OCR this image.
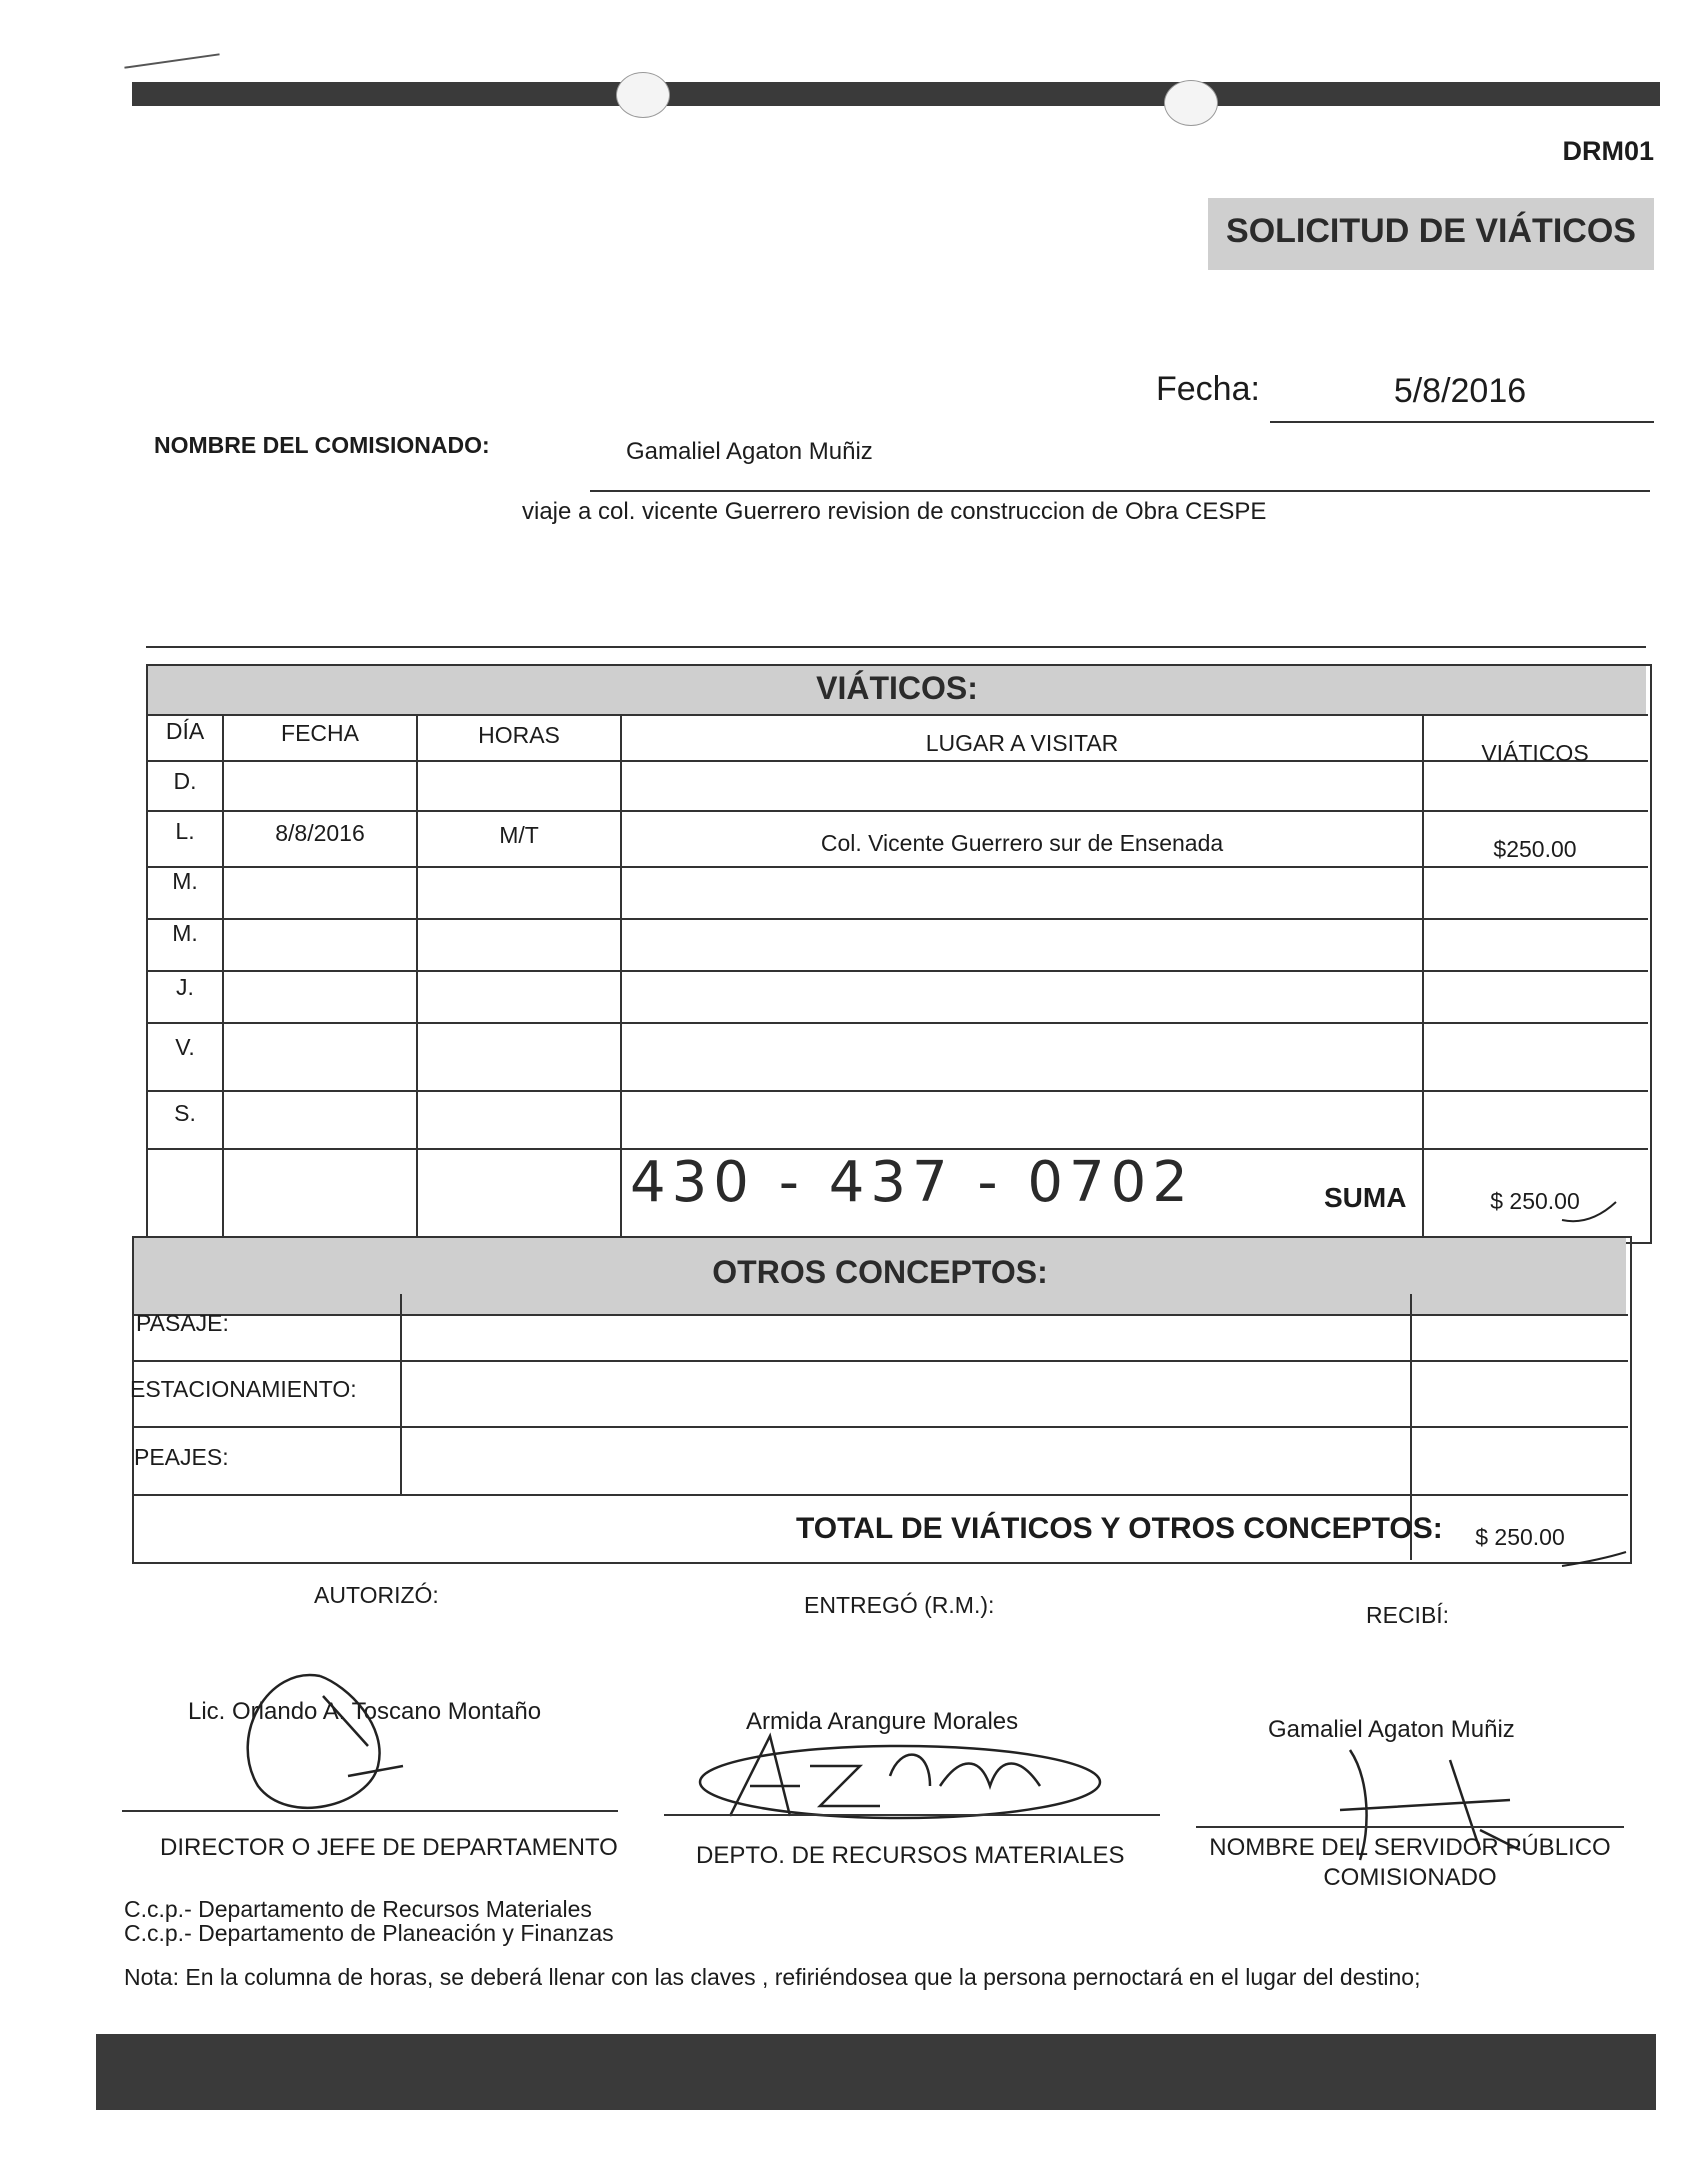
DRM01
SOLICITUD DE VIÁTICOS
Fecha:	5/8/2016
NOMBRE DEL COMISIONADO:	Gamaliel Agaton Muñiz
viaje a col. vicente Guerrero revision de construccion de Obra CESPE
VIÁTICOS:
DÍA	FECHA	HORAS	LUGAR A VISITAR	VIÁTICOS
D.
L.	8/8/2016	M/T	Col. Vicente Guerrero sur de Ensenada	$250.00
M.
M.
J.
V.
S.
430 - 437 - 0702	SUMA	$ 250.00
OTROS CONCEPTOS:
PASAJE:
ESTACIONAMIENTO:
PEAJES:
TOTAL DE VIÁTICOS Y OTROS CONCEPTOS:	$ 250.00
AUTORIZÓ:	ENTREGÓ (R.M.):	RECIBÍ:
Lic. Orlando A. Toscano Montaño	Armida Arangure Morales	Gamaliel Agaton Muñiz
DIRECTOR O JEFE DE DEPARTAMENTO	DEPTO. DE RECURSOS MATERIALES	NOMBRE DEL SERVIDOR PÚBLICO
COMISIONADO
C.c.p.- Departamento de Recursos Materiales
C.c.p.- Departamento de Planeación y Finanzas
Nota: En la columna de horas, se deberá llenar con las claves , refiriéndosea que la persona pernoctará en el lugar del destino;
